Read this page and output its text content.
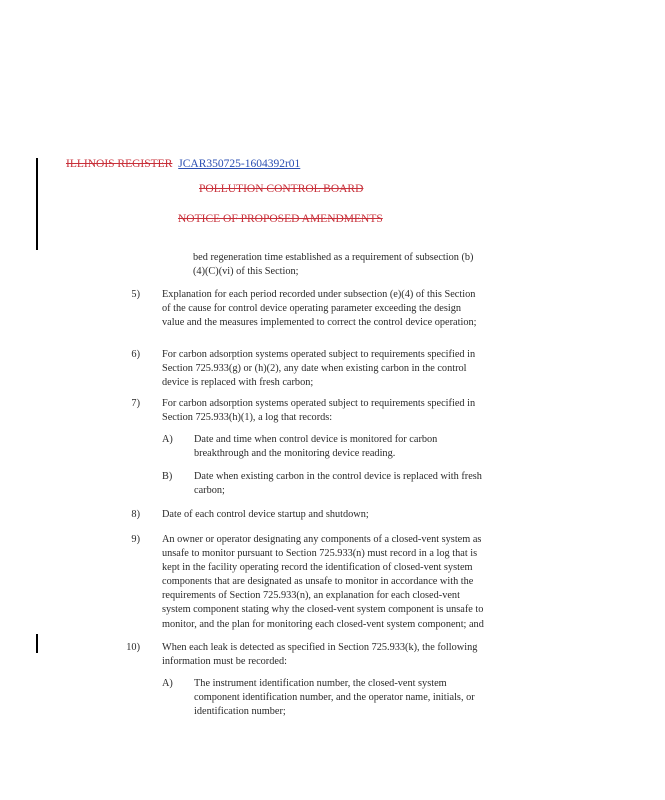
ILLINOIS REGISTER JCAR350725-1604392r01
POLLUTION CONTROL BOARD
NOTICE OF PROPOSED AMENDMENTS
bed regeneration time established as a requirement of subsection (b)(4)(C)(vi) of this Section;
5) Explanation for each period recorded under subsection (e)(4) of this Section of the cause for control device operating parameter exceeding the design value and the measures implemented to correct the control device operation;
6) For carbon adsorption systems operated subject to requirements specified in Section 725.933(g) or (h)(2), any date when existing carbon in the control device is replaced with fresh carbon;
7) For carbon adsorption systems operated subject to requirements specified in Section 725.933(h)(1), a log that records:
A) Date and time when control device is monitored for carbon breakthrough and the monitoring device reading.
B) Date when existing carbon in the control device is replaced with fresh carbon;
8) Date of each control device startup and shutdown;
9) An owner or operator designating any components of a closed-vent system as unsafe to monitor pursuant to Section 725.933(n) must record in a log that is kept in the facility operating record the identification of closed-vent system components that are designated as unsafe to monitor in accordance with the requirements of Section 725.933(n), an explanation for each closed-vent system component stating why the closed-vent system component is unsafe to monitor, and the plan for monitoring each closed-vent system component; and
10) When each leak is detected as specified in Section 725.933(k), the following information must be recorded:
A) The instrument identification number, the closed-vent system component identification number, and the operator name, initials, or identification number;
